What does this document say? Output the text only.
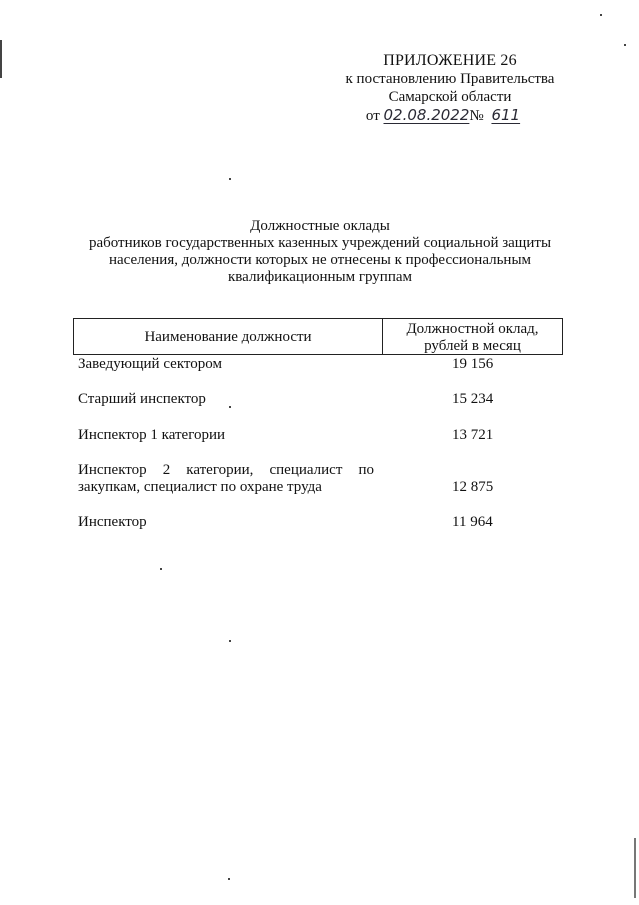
ПРИЛОЖЕНИЕ 26
к постановлению Правительства
Самарской области
от 02.08.2022№ 611
Должностные оклады
работников государственных казенных учреждений социальной защиты
населения, должности которых не отнесены к профессиональным
квалификационным группам
Наименование должности	Должностной оклад,
рублей в месяц
Заведующий сектором	19 156
Старший инспектор	15 234
Инспектор 1 категории	13 721
Инспектор 2 категории, специалист по
закупкам, специалист по охране труда	12 875
Инспектор	11 964
